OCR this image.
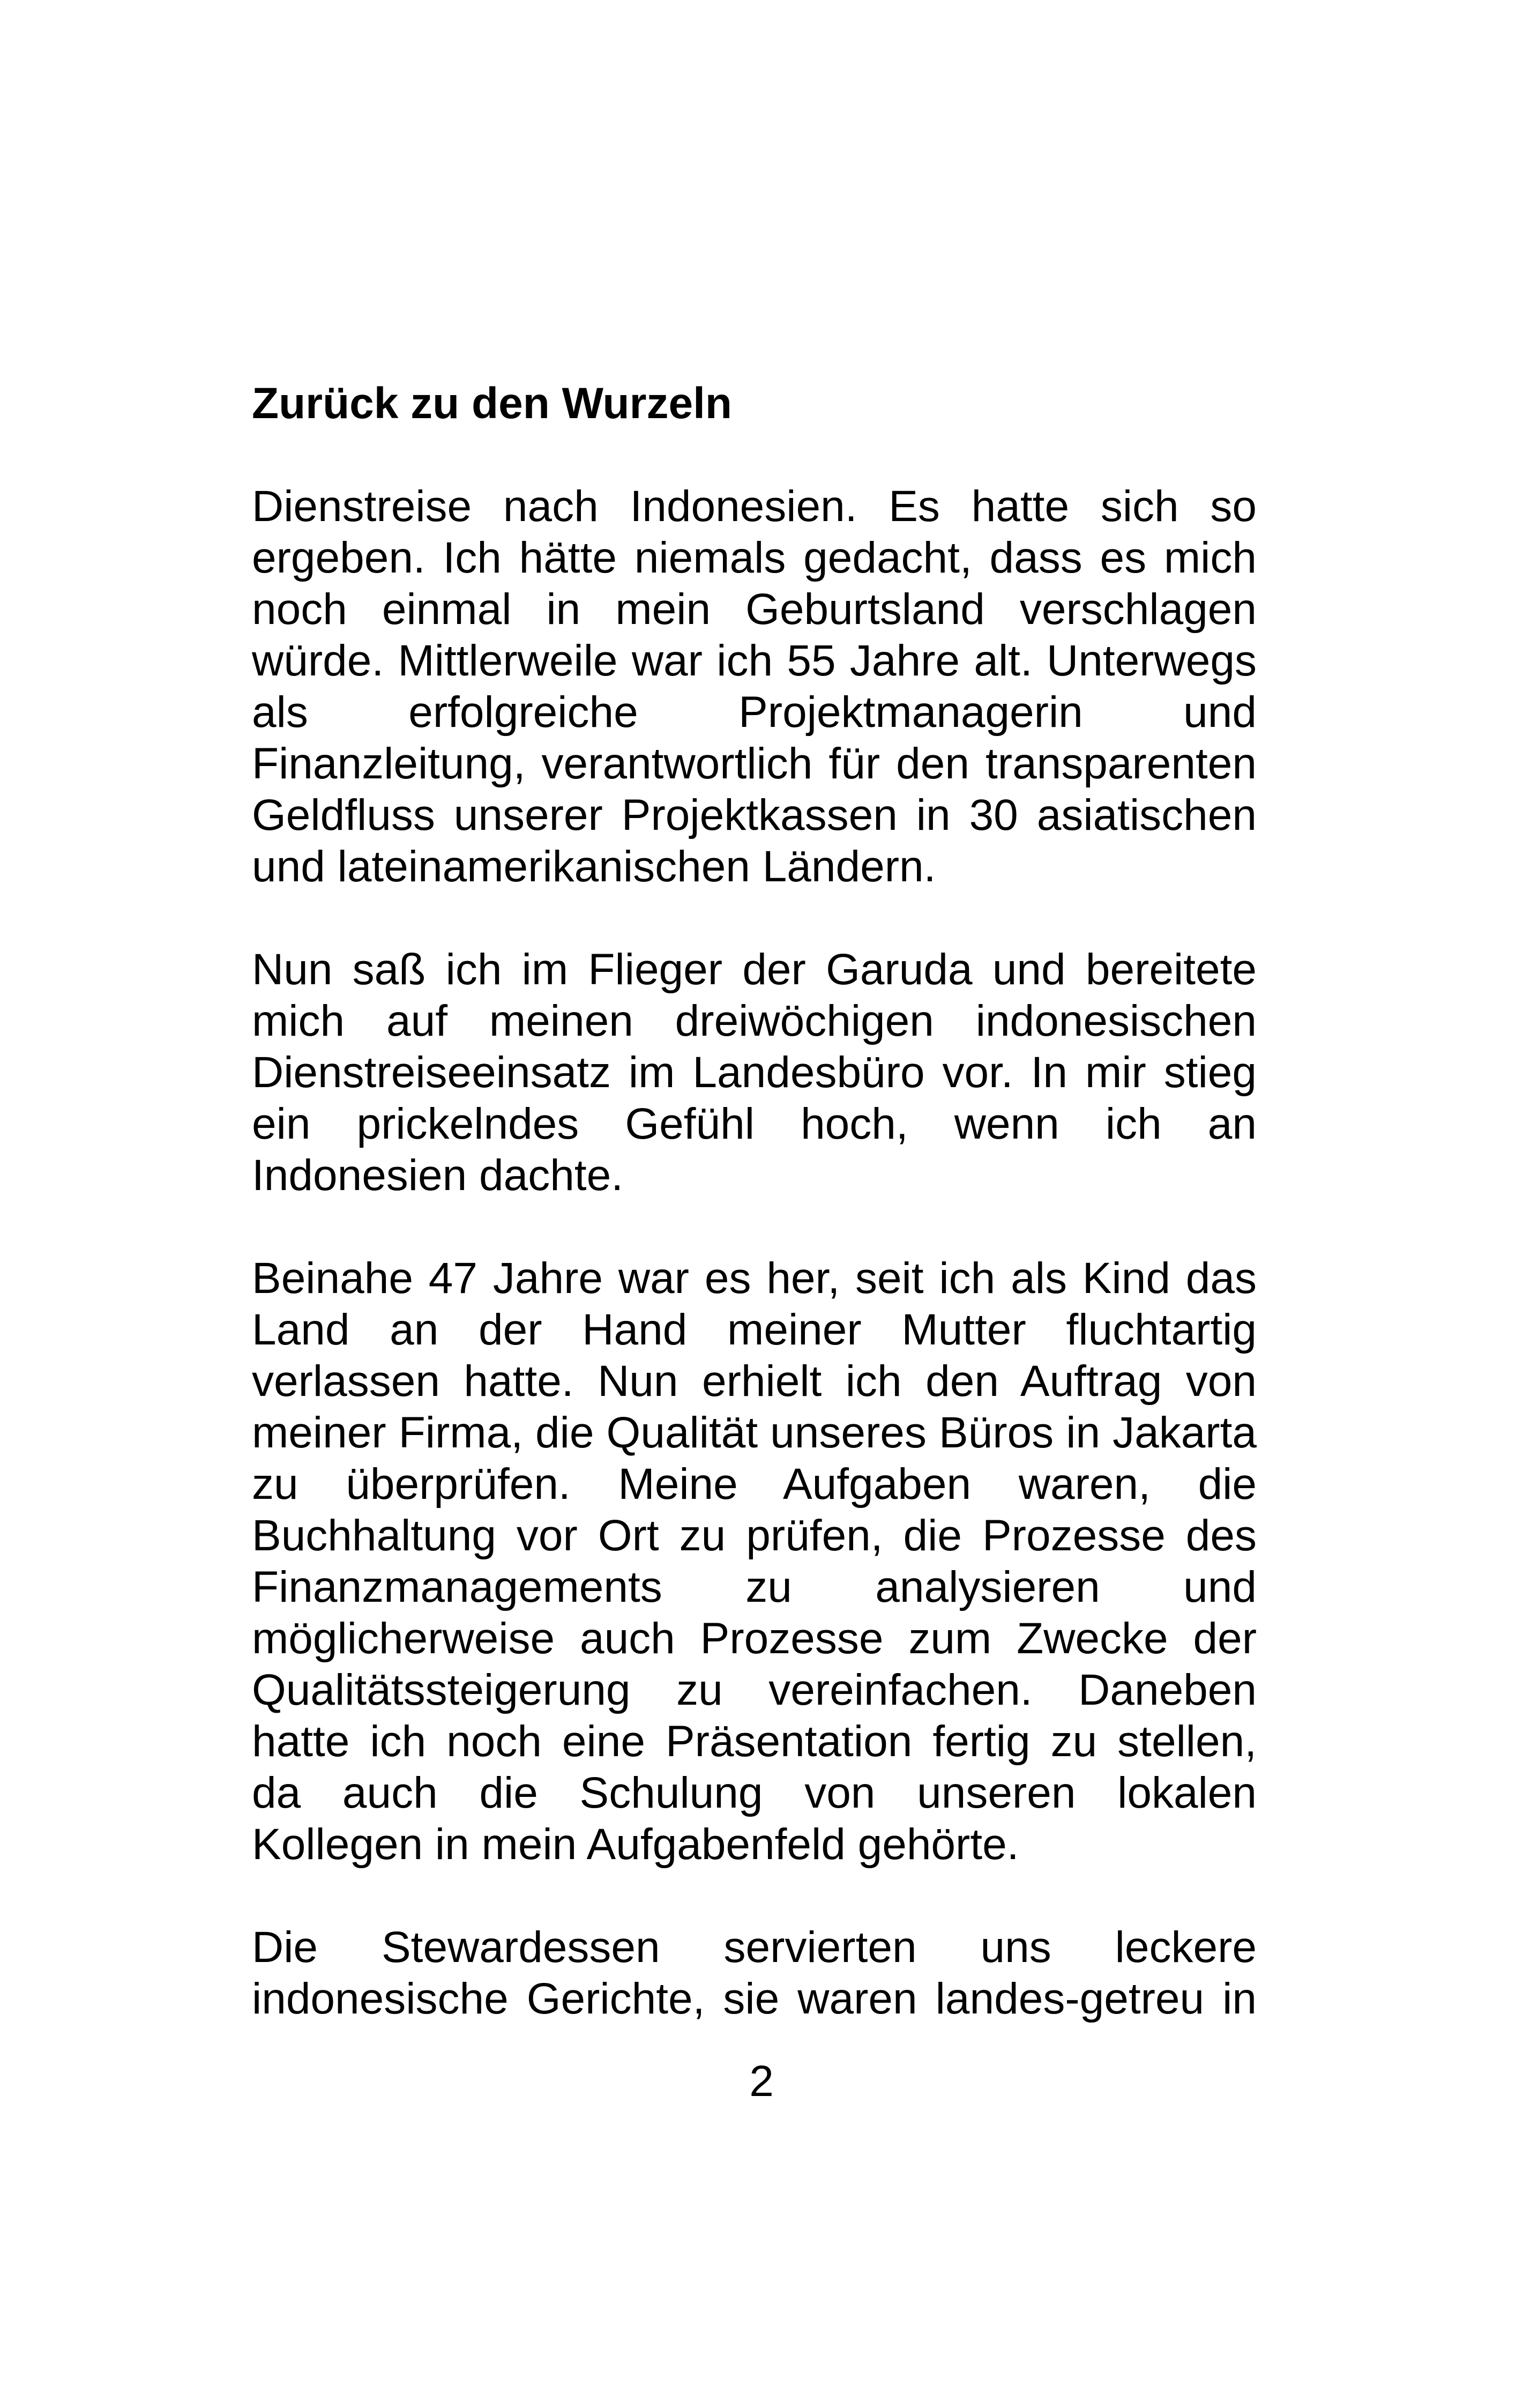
Zurück zu den Wurzeln

Dienstreise nach Indonesien. Es hatte sich so ergeben. Ich hätte niemals gedacht, dass es mich noch einmal in mein Geburtsland verschlagen würde. Mittlerweile war ich 55 Jahre alt. Unterwegs als erfolgreiche Projektmanagerin und Finanzleitung, verantwortlich für den transparenten Geldfluss unserer Projektkassen in 30 asiatischen und lateinamerikanischen Ländern.

Nun saß ich im Flieger der Garuda und bereitete mich auf meinen dreiwöchigen indonesischen Dienstreiseeinsatz im Landesbüro vor. In mir stieg ein prickelndes Gefühl hoch, wenn ich an Indonesien dachte.

Beinahe 47 Jahre war es her, seit ich als Kind das Land an der Hand meiner Mutter fluchtartig verlassen hatte. Nun erhielt ich den Auftrag von meiner Firma, die Qualität unseres Büros in Jakarta zu überprüfen. Meine Aufgaben waren, die Buchhaltung vor Ort zu prüfen, die Prozesse des Finanzmanagements zu analysieren und möglicherweise auch Prozesse zum Zwecke der Qualitätssteigerung zu vereinfachen. Daneben hatte ich noch eine Präsentation fertig zu stellen, da auch die Schulung von unseren lokalen Kollegen in mein Aufgabenfeld gehörte.

Die Stewardessen servierten uns leckere indonesische Gerichte, sie waren landes-getreu in

2
